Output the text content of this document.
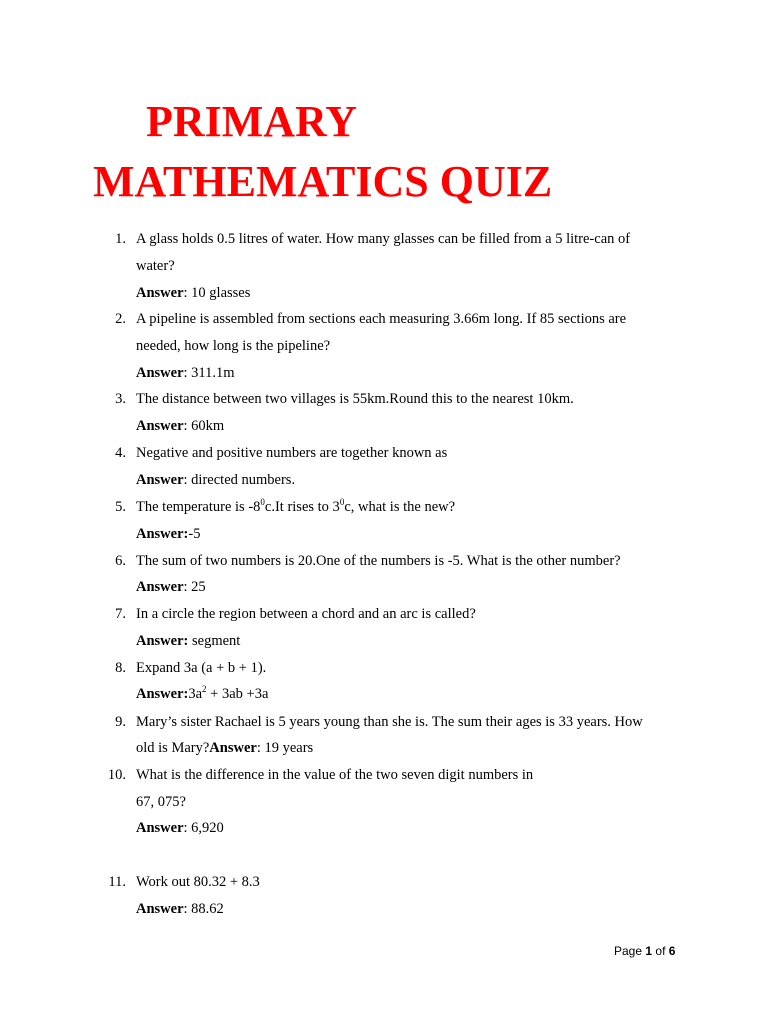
PRIMARY
MATHEMATICS QUIZ
1. A glass holds 0.5 litres of water. How many glasses can be filled from a 5 litre-can of
water?
Answer: 10 glasses
2. A pipeline is assembled from sections each measuring 3.66m long. If 85 sections are
needed, how long is the pipeline?
Answer: 311.1m
3. The distance between two villages is 55km.Round this to the nearest 10km.
Answer: 60km
4. Negative and positive numbers are together known as
Answer: directed numbers.
5. The temperature is $-8^0c.It$ rises to $3^0c$, what is the new?
Answer:-5
6. The sum of two numbers is 20.One of the numbers is -5. What is the other number?
Answer: 25
7. In a circle the region between a chord and an arc is called?
Answer: segment
8. Expand 3a (a + b + 1).
$Answer:3a^2 + 3ab +3a$
9. Mary’s sister Rachael is 5 years young than she is. The sum their ages is 33 years. How
old is Mary?Answer: 19 years
10. What is the difference in the value of the two seven digit numbers in
67, 075?
Answer: 6,920
11. Work out 80.32 + 8.3
Answer: 88.62
Page 1 of 6
